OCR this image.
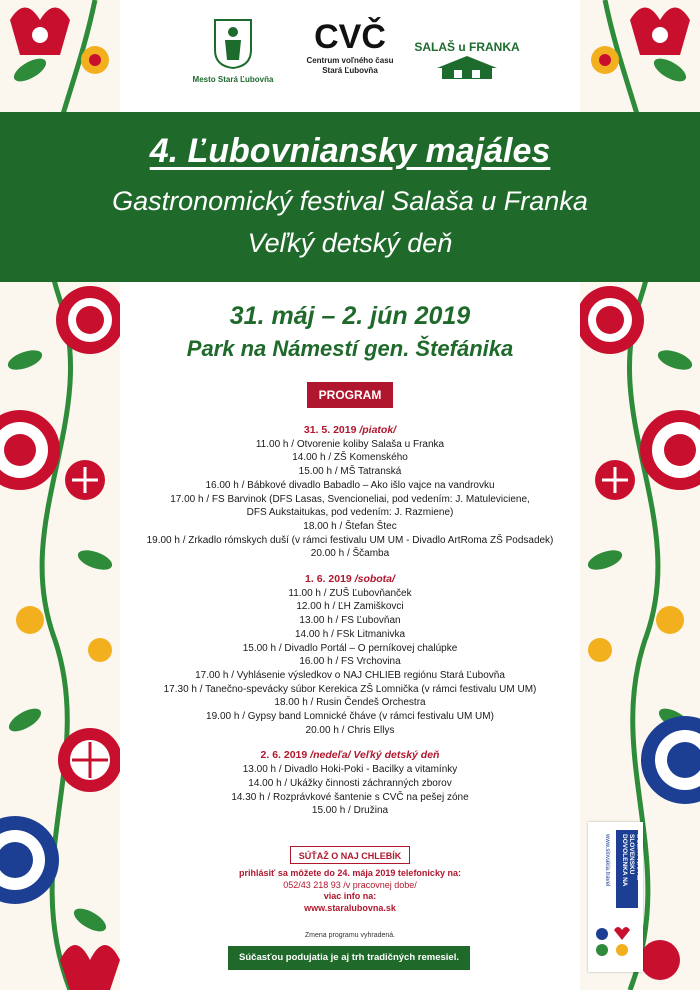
Mesto Stará Ľubovňa
CVČ
Centrum voľného času
Stará Ľubovňa
SALAŠ u FRANKA
4. Ľubovniansky majáles
Gastronomický festival Salaša u Franka
Veľký detský deň
31. máj – 2. jún 2019
Park na Námestí gen. Štefánika
PROGRAM
31. 5. 2019 /piatok/
11.00 h / Otvorenie koliby Salaša u Franka
14.00 h / ZŠ Komenského
15.00 h / MŠ Tatranská
16.00 h / Bábkové divadlo Babadlo – Ako išlo vajce na vandrovku
17.00 h / FS Barvinok (DFS Lasas, Svencioneliai, pod vedením: J. Matuleviciene,
DFS Aukstaitukas, pod vedením: J. Razmiene)
18.00 h / Štefan Štec
19.00 h / Zrkadlo rómskych duší (v rámci festivalu UM UM - Divadlo ArtRoma ZŠ Podsadek)
20.00 h / Ščamba
1. 6. 2019 /sobota/
11.00 h / ZUŠ Ľubovňanček
12.00 h / ĽH Zamiškovci
13.00 h / FS Ľubovňan
14.00 h / FSk Litmanivka
15.00 h / Divadlo Portál – O perníkovej chalúpke
16.00 h / FS Vrchovina
17.00 h / Vyhlásenie výsledkov o NAJ CHLIEB regiónu Stará Ľubovňa
17.30 h / Tanečno-spevácky súbor Kerekica ZŠ Lomnička (v rámci festivalu UM UM)
18.00 h / Rusin Čendeš Orchestra
19.00 h / Gypsy band Lomnické čháve (v rámci festivalu UM UM)
20.00 h / Chris Ellys
2. 6. 2019 /nedeľa/ Veľký detský deň
13.00 h / Divadlo Hoki-Poki - Bacilky a vitamínky
14.00 h / Ukážky činnosti záchranných zborov
14.30 h / Rozprávkové šantenie s CVČ na pešej zóne
15.00 h / Družina
SÚŤAŽ O NAJ CHLEBÍK
prihlásiť sa môžete do 24. mája 2019 telefonicky na:
052/43 218 93 /v pracovnej dobe/
viac info na:
www.staralubovna.sk
Zmena programu vyhradená.
Súčasťou podujatia je aj trh tradičných remesiel.
DOVOLENKA NA SLOVENSKU DOBRÝ NÁPAD
www.slovakia.travel
